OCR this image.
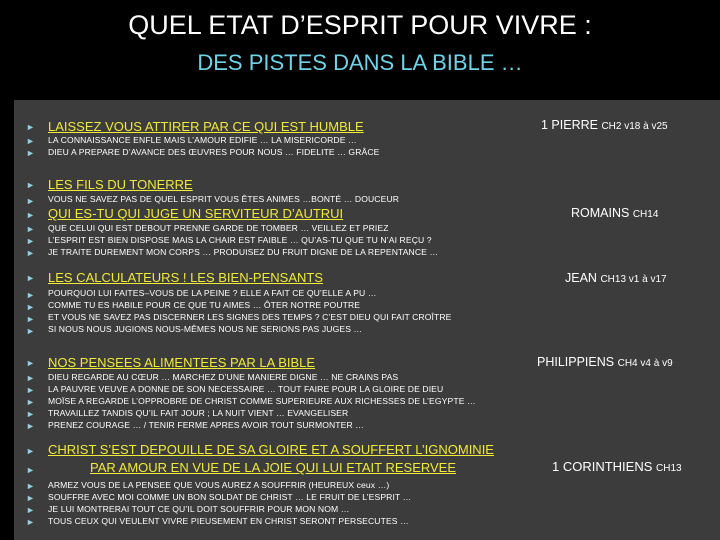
QUEL ETAT D’ESPRIT POUR VIVRE :
DES PISTES DANS LA BIBLE …
► LAISSEZ VOUS ATTIRER PAR CE QUI EST HUMBLE	1 PIERRE CH2 v18 à v25
► LA CONNAISSANCE ENFLE MAIS L’AMOUR EDIFIE … LA MISERICORDE …
► DIEU A PREPARE D’AVANCE DES ŒUVRES POUR NOUS … FIDELITE … GRÂCE
► LES FILS DU TONERRE
► VOUS NE SAVEZ PAS DE QUEL ESPRIT VOUS ÊTES ANIMES …BONTÉ … DOUCEUR
► QUI ES-TU QUI JUGE UN SERVITEUR D’AUTRUI	ROMAINS CH14
► QUE CELUI QUI EST DEBOUT PRENNE GARDE DE TOMBER … VEILLEZ ET PRIEZ
► L’ESPRIT EST BIEN DISPOSE MAIS LA CHAIR EST FAIBLE … QU’AS-TU QUE TU N’AI REÇU ?
► JE TRAITE DUREMENT MON CORPS … PRODUISEZ DU FRUIT DIGNE DE LA REPENTANCE …
► LES CALCULATEURS ! LES BIEN-PENSANTS	JEAN CH13 v1 à v17
► POURQUOI LUI FAITES–VOUS DE LA PEINE ? ELLE A FAIT CE QU’ELLE A PU …
► COMME TU ES HABILE POUR CE QUE TU AIMES … ÔTER NOTRE POUTRE
► ET VOUS NE SAVEZ PAS DISCERNER LES SIGNES DES TEMPS ? C’EST DIEU QUI FAIT CROÎTRE
► SI NOUS NOUS JUGIONS NOUS-MÊMES NOUS NE SERIONS PAS JUGES …
► NOS PENSEES ALIMENTEES PAR LA BIBLE	PHILIPPIENS CH4 v4 à v9
► DIEU REGARDE AU CŒUR … MARCHEZ D’UNE MANIERE DIGNE … NE CRAINS PAS
► LA PAUVRE VEUVE A DONNE DE SON NECESSAIRE … TOUT FAIRE POUR LA GLOIRE DE DIEU
► MOÏSE A REGARDE L’OPPROBRE DE CHRIST COMME SUPERIEURE AUX RICHESSES DE L’EGYPTE …
► TRAVAILLEZ TANDIS QU’IL FAIT JOUR ; LA NUIT VIENT … EVANGELISER
► PRENEZ COURAGE … / TENIR FERME APRES AVOIR TOUT SURMONTER …
► CHRIST S’EST DEPOUILLE DE SA GLOIRE ET A SOUFFERT L’IGNOMINIE
►	PAR AMOUR EN VUE DE LA JOIE QUI LUI ETAIT RESERVEE	1 CORINTHIENS CH13
► ARMEZ VOUS DE LA PENSEE QUE VOUS AUREZ A SOUFFRIR (HEUREUX ceux …)
► SOUFFRE AVEC MOI COMME UN BON SOLDAT DE CHRIST … LE FRUIT DE L’ESPRIT …
► JE LUI MONTRERAI TOUT CE QU’IL DOIT SOUFFRIR POUR MON NOM …
► TOUS CEUX QUI VEULENT VIVRE PIEUSEMENT EN CHRIST SERONT PERSECUTES …
